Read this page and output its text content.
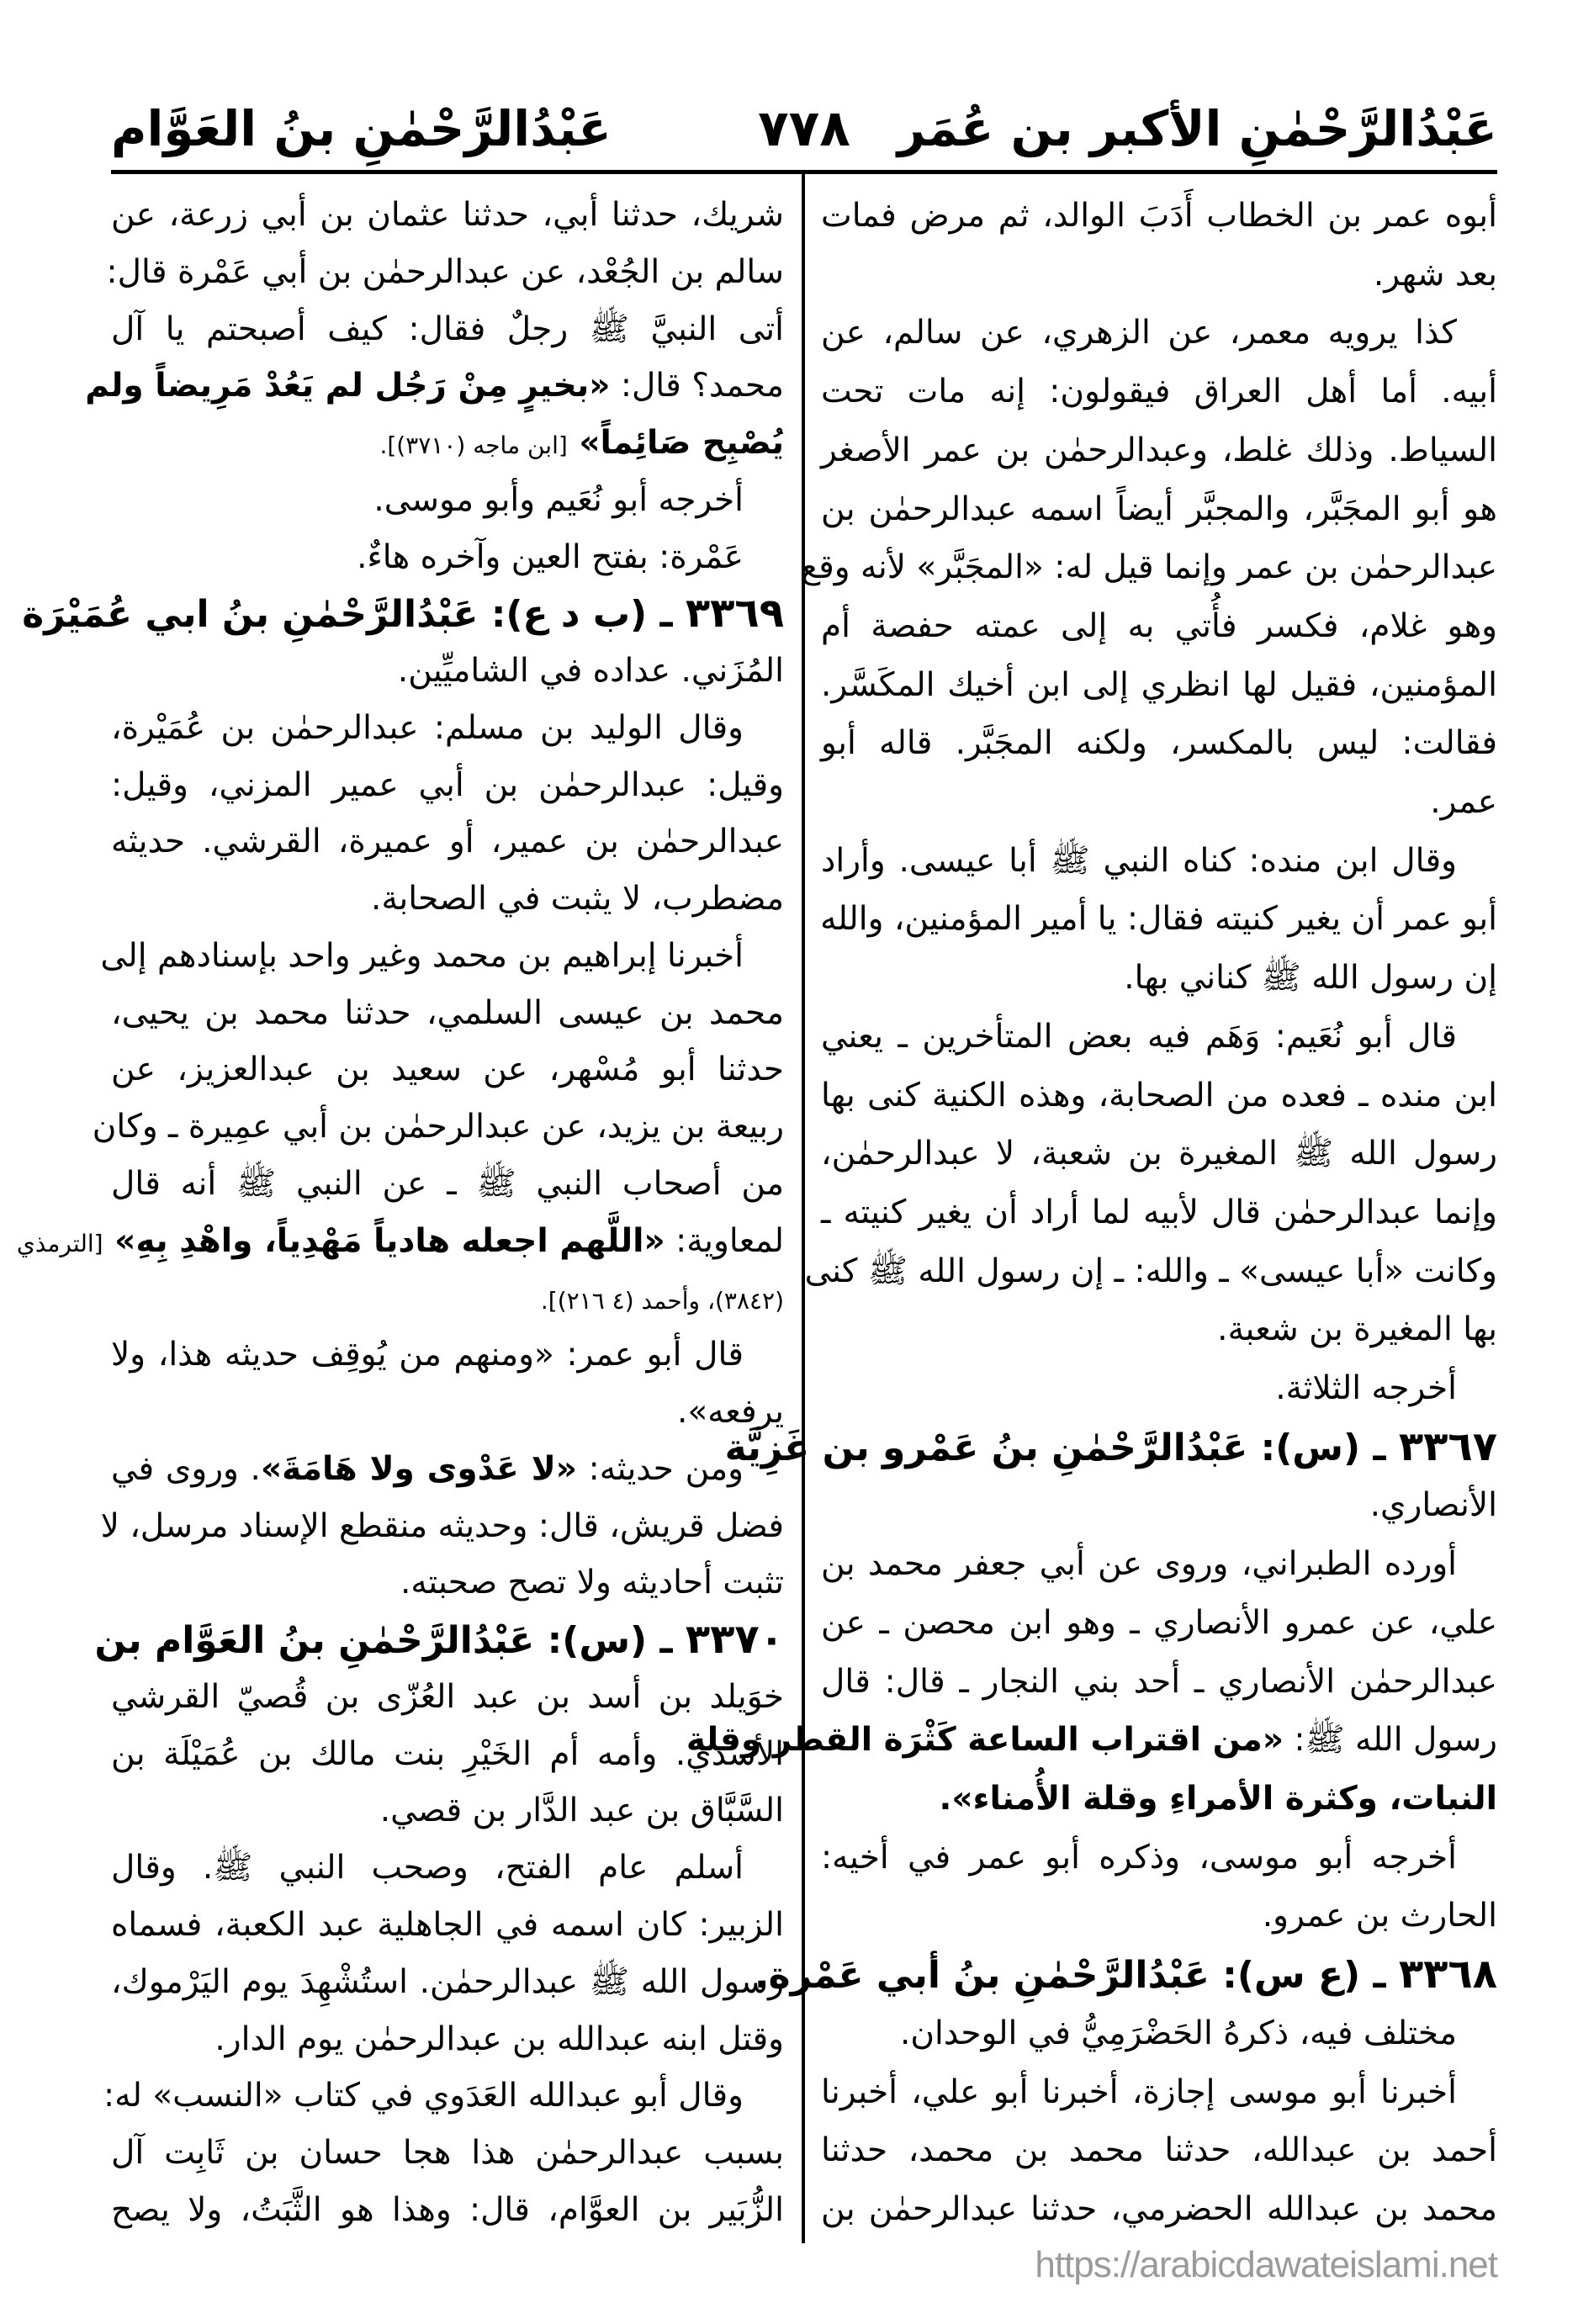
عَبْدُالرَّحْمٰنِ الأكبر بن عُمَر
٧٧٨
عَبْدُالرَّحْمٰنِ بنُ العَوَّام
أبوه عمر بن الخطاب أَدَبَ الوالد، ثم مرض فمات
بعد شهر.
كذا يرويه معمر، عن الزهري، عن سالم، عن
أبيه. أما أهل العراق فيقولون: إنه مات تحت
السياط. وذلك غلط، وعبدالرحمٰن بن عمر الأصغر
هو أبو المجَبَّر، والمجبَّر أيضاً اسمه عبدالرحمٰن بن
عبدالرحمٰن بن عمر وإنما قيل له: «المجَبَّر» لأنه وقع
وهو غلام، فكسر فأُتي به إلى عمته حفصة أم
المؤمنين، فقيل لها انظري إلى ابن أخيك المكَسَّر.
فقالت: ليس بالمكسر، ولكنه المجَبَّر. قاله أبو
عمر.
وقال ابن منده: كناه النبي ﷺ أبا عيسى. وأراد
أبو عمر أن يغير كنيته فقال: يا أمير المؤمنين، والله
إن رسول الله ﷺ كناني بها.
قال أبو نُعَيم: وَهَم فيه بعض المتأخرين ـ يعني
ابن منده ـ فعده من الصحابة، وهذه الكنية كنى بها
رسول الله ﷺ المغيرة بن شعبة، لا عبدالرحمٰن،
وإنما عبدالرحمٰن قال لأبيه لما أراد أن يغير كنيته ـ
وكانت «أبا عيسى» ـ والله: ـ إن رسول الله ﷺ كنى
بها المغيرة بن شعبة.
أخرجه الثلاثة.
٣٣٦٧ ـ (س): عَبْدُالرَّحْمٰنِ بنُ عَمْرو بن غَزِيَّة
الأنصاري.
أورده الطبراني، وروى عن أبي جعفر محمد بن
علي، عن عمرو الأنصاري ـ وهو ابن محصن ـ عن
عبدالرحمٰن الأنصاري ـ أحد بني النجار ـ قال: قال
رسول الله ﷺ: «من اقتراب الساعة كَثْرَة القطر وقلة
النبات، وكثرة الأمراءِ وقلة الأُمناء».
أخرجه أبو موسى، وذكره أبو عمر في أخيه:
الحارث بن عمرو.
٣٣٦٨ ـ (ع س): عَبْدُالرَّحْمٰنِ بنُ أبي عَمْرة.
مختلف فيه، ذكرهُ الحَضْرَمِيُّ في الوحدان.
أخبرنا أبو موسى إجازة، أخبرنا أبو علي، أخبرنا
أحمد بن عبدالله، حدثنا محمد بن محمد، حدثنا
محمد بن عبدالله الحضرمي، حدثنا عبدالرحمٰن بن
شريك، حدثنا أبي، حدثنا عثمان بن أبي زرعة، عن
سالم بن الجُعْد، عن عبدالرحمٰن بن أبي عَمْرة قال:
أتى النبيَّ ﷺ رجلٌ فقال: كيف أصبحتم يا آل
محمد؟ قال: «بخيرٍ مِنْ رَجُل لم يَعُدْ مَرِيضاً ولم
يُصْبِح صَائِماً» [ابن ماجه (٣٧١٠)].
أخرجه أبو نُعَيم وأبو موسى.
عَمْرة: بفتح العين وآخره هاءٌ.
٣٣٦٩ ـ (ب د ع): عَبْدُالرَّحْمٰنِ بنُ ابي عُمَيْرَة
المُزَني. عداده في الشاميِّين.
وقال الوليد بن مسلم: عبدالرحمٰن بن عُمَيْرة،
وقيل: عبدالرحمٰن بن أبي عمير المزني، وقيل:
عبدالرحمٰن بن عمير، أو عميرة، القرشي. حديثه
مضطرب، لا يثبت في الصحابة.
أخبرنا إبراهيم بن محمد وغير واحد بإسنادهم إلى
محمد بن عيسى السلمي، حدثنا محمد بن يحيى،
حدثنا أبو مُسْهر، عن سعيد بن عبدالعزيز، عن
ربيعة بن يزيد، عن عبدالرحمٰن بن أبي عمِيرة ـ وكان
من أصحاب النبي ﷺ ـ عن النبي ﷺ أنه قال
لمعاوية: «اللَّهم اجعله هادياً مَهْدِياً، واهْدِ بِهِ» [الترمذي
(٣٨٤٢)، وأحمد (٤ ٢١٦)].
قال أبو عمر: «ومنهم من يُوقِف حديثه هذا، ولا
يرفعه».
ومن حديثه: «لا عَدْوى ولا هَامَةَ». وروى في
فضل قريش، قال: وحديثه منقطع الإسناد مرسل، لا
تثبت أحاديثه ولا تصح صحبته.
٣٣٧٠ ـ (س): عَبْدُالرَّحْمٰنِ بنُ العَوَّام بن
خوَيلد بن أسد بن عبد العُزّى بن قُصيّ القرشي
الأسدي. وأمه أم الخَيْرِ بنت مالك بن عُمَيْلَة بن
السَّبَّاق بن عبد الدَّار بن قصي.
أسلم عام الفتح، وصحب النبي ﷺ. وقال
الزبير: كان اسمه في الجاهلية عبد الكعبة، فسماه
رسول الله ﷺ عبدالرحمٰن. استُشْهِدَ يوم اليَرْموك،
وقتل ابنه عبدالله بن عبدالرحمٰن يوم الدار.
وقال أبو عبدالله العَدَوي في كتاب «النسب» له:
بسبب عبدالرحمٰن هذا هجا حسان بن ثَابِت آل
الزُّبَير بن العوَّام، قال: وهذا هو الثَّبَتُ، ولا يصح
https://arabicdawateislami.net
